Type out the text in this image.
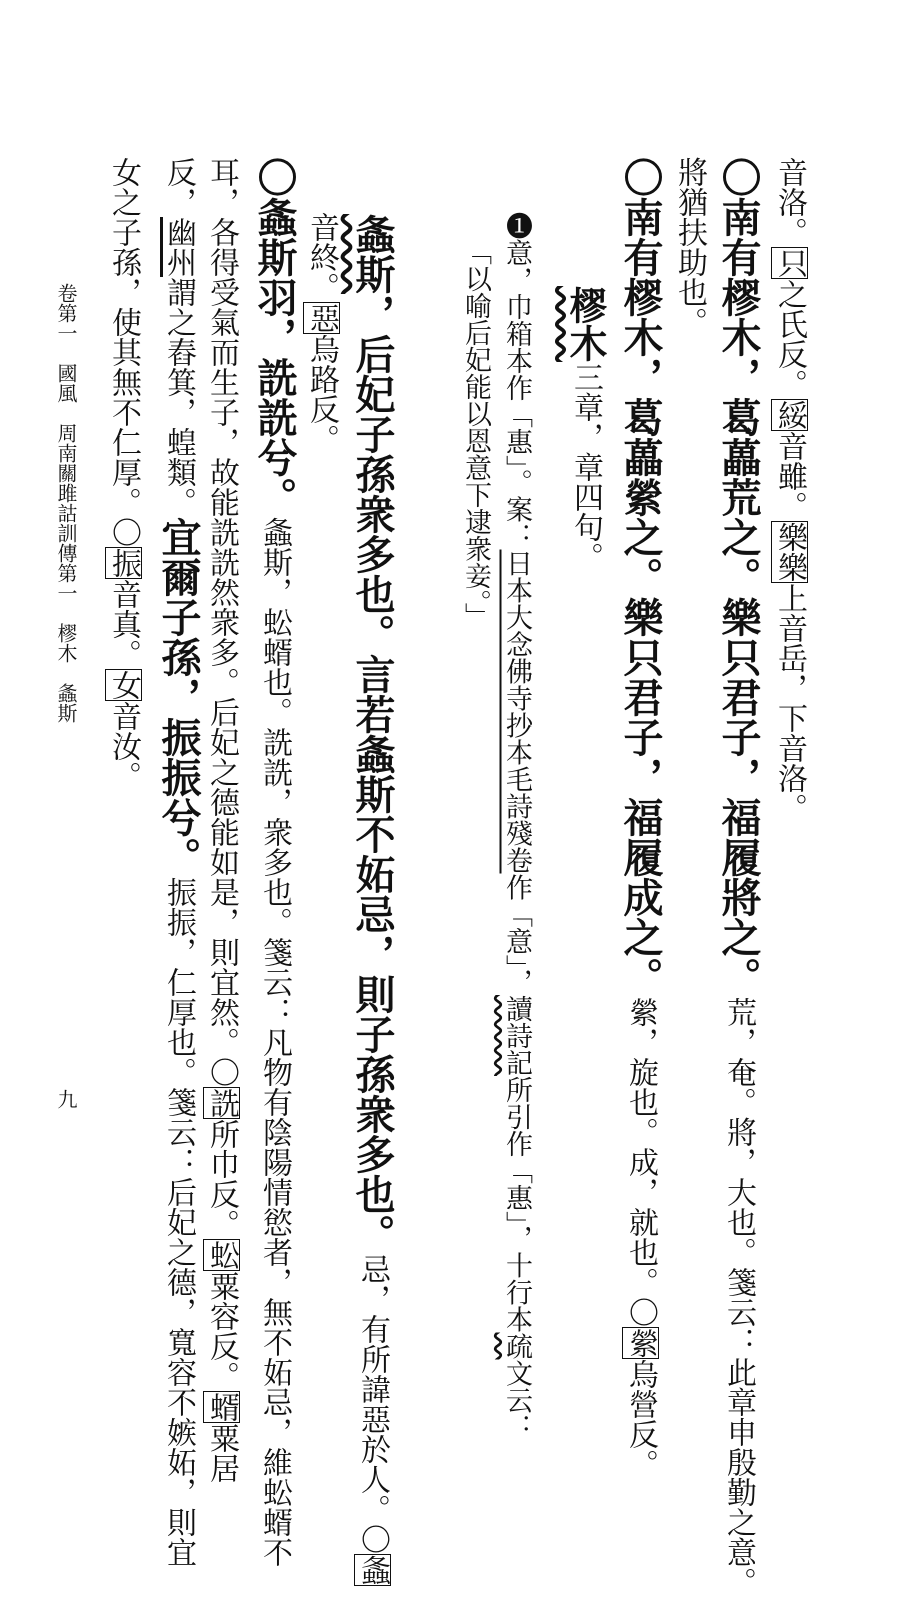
音洛。只之氏反。綏音雖。樂樂上音岳，下音洛。
〇南有樛木，葛藟荒之。樂只君子，福履將之。荒，奄。將，大也。箋云：此章申殷勤之意。
將猶扶助也。
〇南有樛木，葛藟縈之。樂只君子，福履成之。縈，旋也。成，就也。〇縈烏營反。
樛木三章，章四句。
❶意，巾箱本作「惠」。案：日本大念佛寺抄本毛詩殘卷作「意」，讀詩記所引作「惠」，十行本疏文云：
「以喻后妃能以恩意下逮衆妾。」
螽斯，后妃子孫衆多也。言若螽斯不妬忌，則子孫衆多也。忌，有所諱惡於人。〇螽
音終。惡烏路反。
〇螽斯羽，詵詵兮。螽斯，蚣蝑也。詵詵，衆多也。箋云：凡物有陰陽情慾者，無不妬忌，維蚣蝑不
耳，各得受氣而生子，故能詵詵然衆多。后妃之德能如是，則宜然。〇詵所巾反。蚣粟容反。蝑粟居
反，幽州謂之舂箕，蝗類。宜爾子孫，振振兮。振振，仁厚也。箋云：后妃之德，寬容不嫉妬，則宜
女之子孫，使其無不仁厚。〇振音真。女音汝。
卷第一　國風　周南關雎詁訓傳第一　樛木　螽斯
九
